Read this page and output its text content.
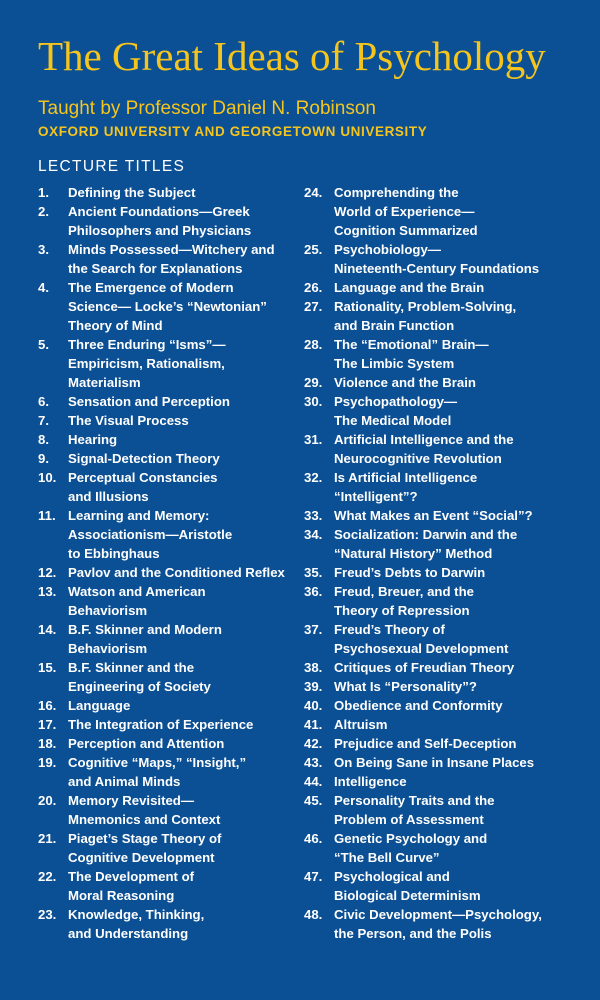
The Great Ideas of Psychology
Taught by Professor Daniel N. Robinson
OXFORD UNIVERSITY AND GEORGETOWN UNIVERSITY
LECTURE TITLES
1.	Defining the Subject
2.	Ancient Foundations—Greek
Philosophers and Physicians
3.	Minds Possessed—Witchery and
the Search for Explanations
4.	The Emergence of Modern
Science— Locke’s “Newtonian”
Theory of Mind
5.	Three Enduring “Isms”—
Empiricism, Rationalism,
Materialism
6.	Sensation and Perception
7.	The Visual Process
8.	Hearing
9.	Signal-Detection Theory
10. Perceptual Constancies
and Illusions
11. Learning and Memory:
Associationism—Aristotle
to Ebbinghaus
12. Pavlov and the Conditioned Reflex
13. Watson and American
Behaviorism
14. B.F. Skinner and Modern
Behaviorism
15. B.F. Skinner and the
Engineering of Society
16. Language
17. The Integration of Experience
18. Perception and Attention
19. Cognitive “Maps,” “Insight,”
and Animal Minds
20. Memory Revisited—
Mnemonics and Context
21. Piaget’s Stage Theory of
Cognitive Development
22. The Development of
Moral Reasoning
23. Knowledge, Thinking,
and Understanding
24. Comprehending the
World of Experience—
Cognition Summarized
25. Psychobiology—
Nineteenth-Century Foundations
26. Language and the Brain
27. Rationality, Problem-Solving,
and Brain Function
28. The “Emotional” Brain—
The Limbic System
29. Violence and the Brain
30. Psychopathology—
The Medical Model
31. Artificial Intelligence and the
Neurocognitive Revolution
32. Is Artificial Intelligence
“Intelligent”?
33. What Makes an Event “Social”?
34. Socialization: Darwin and the
“Natural History” Method
35. Freud’s Debts to Darwin
36. Freud, Breuer, and the
Theory of Repression
37. Freud’s Theory of
Psychosexual Development
38. Critiques of Freudian Theory
39. What Is “Personality”?
40. Obedience and Conformity
41. Altruism
42. Prejudice and Self-Deception
43. On Being Sane in Insane Places
44. Intelligence
45. Personality Traits and the
Problem of Assessment
46. Genetic Psychology and
“The Bell Curve”
47. Psychological and
Biological Determinism
48. Civic Development—Psychology,
the Person, and the Polis
